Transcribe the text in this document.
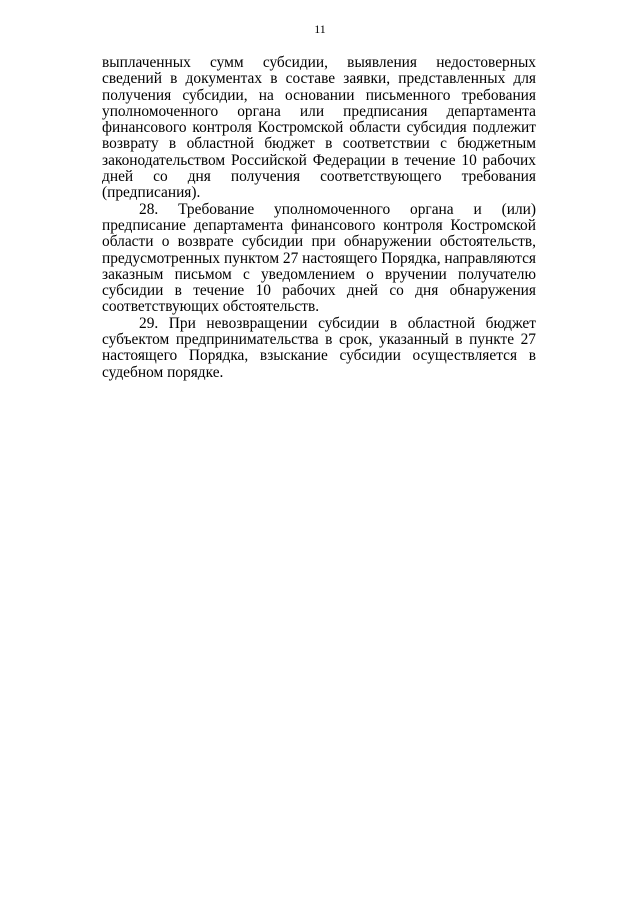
11

выплаченных сумм субсидии, выявления недостоверных сведений в документах в составе заявки, представленных для получения субсидии, на основании письменного требования уполномоченного органа или предписания департамента финансового контроля Костромской области субсидия подлежит возврату в областной бюджет в соответствии с бюджетным законодательством Российской Федерации в течение 10 рабочих дней со дня получения соответствующего требования (предписания).

28. Требование уполномоченного органа и (или) предписание департамента финансового контроля Костромской области о возврате субсидии при обнаружении обстоятельств, предусмотренных пунктом 27 настоящего Порядка, направляются заказным письмом с уведомлением о вручении получателю субсидии в течение 10 рабочих дней со дня обнаружения соответствующих обстоятельств.

29. При невозвращении субсидии в областной бюджет субъектом предпринимательства в срок, указанный в пункте 27 настоящего Порядка, взыскание субсидии осуществляется в судебном порядке.
